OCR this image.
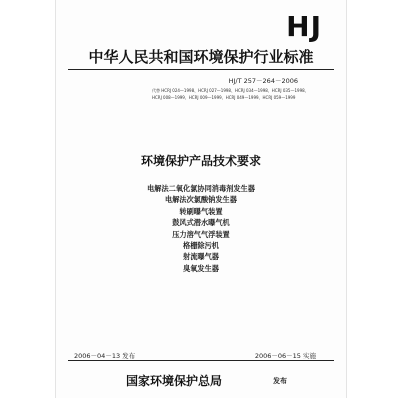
HJ
中华人民共和国环境保护行业标准
HJ/T 257－264－2006
代替 HCRJ 024—1998、HCRJ 027—1998、HCRJ 034—1998、HCRJ 035—1998、
HCRJ 008—1999、HCRJ 009—1999、HCRJ 049—1999、HCRJ 059—1999
环境保护产品技术要求
电解法二氧化氯协同消毒剂发生器
电解法次氯酸钠发生器
转刷曝气装置
鼓风式潜水曝气机
压力溶气气浮装置
格栅除污机
射流曝气器
臭氧发生器
2006－04－13 发布	2006－06－15 实施
国家环境保护总局	发布
